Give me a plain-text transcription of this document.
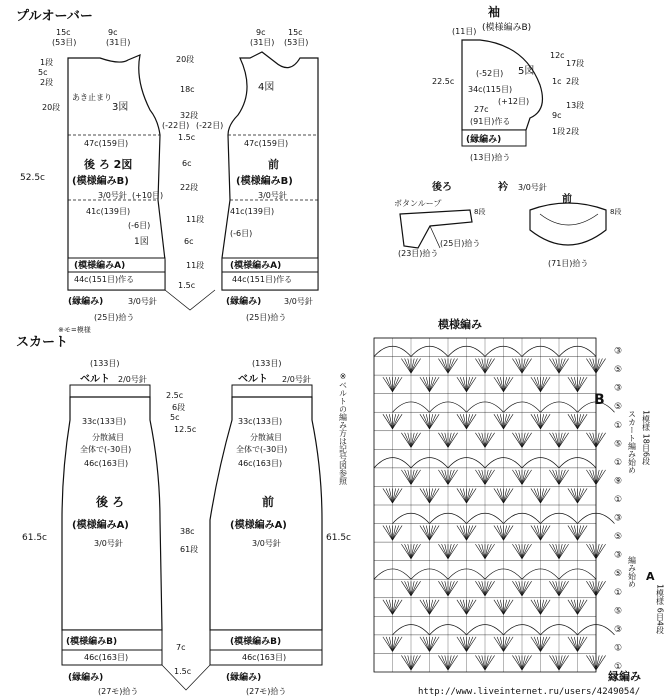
プルオーバー
15c
(53目)
9c
(31目)
1段
5c
2段
20段
52.5c
あき止まり
3図
47c(159目)
(-22目)
後 ろ 2図
(模様編みB)
3/0号針 (+10目)
41c(139目)
(-6目)
1図
(模様編みA)
44c(151目)作る
(縁編み)	3/0号針
(25目)拾う
※モ=模様
20段
18c
32段
1.5c
6c
22段
11段
6c
11段
1.5c
9c
(31目)
15c
(53目)
4図
47c(159目)
(-22目)
前
(模様編みB)
3/0号針
41c(139目)
(-6目)
(模様編みA)
44c(151目)作る
(縁編み)	3/0号針
(25目)拾う
袖
(模様編みB)
(11目)
22.5c
(-52目) 5図
34c(115目)
(+12目)
27c
(91目)作る
(縁編み)
(13目)拾う
12c
17段
1c 2段
13段
9c
1段 2段
後ろ	衿 3/0号針
ボタンループ
8段
(23目)拾う
(25目)拾う
前
8段
(71目)拾う
スカート
(133目)
ベルト 2/0号針
33c(133目)
分散減目
全体で(-30目)
46c(163目)
後 ろ
(模様編みA)
3/0号針
(模様編みB)
46c(163目)
(縁編み)
(27モ)拾う
61.5c
2.5c
6段
5c
12.5c
38c
61段
7c
1.5c
(133目)
ベルト 2/0号針
33c(133目)
分散減目
全体で(-30目)
46c(163目)
前
(模様編みA)
3/0号針
(模様編みB)
46c(163目)
(縁編み)
(27モ)拾う
61.5c
※ベルトの編み方は記号図参照
模様編み
③
⑤
③
⑤
①
⑤
①
⑨
①
③
⑤
③
⑤
①
⑤
③
①
①
B
1模様 18目6段
スカート編み始め
編み始め A
1模様 6目4段
縁編み
http://www.liveinternet.ru/users/4249054/
